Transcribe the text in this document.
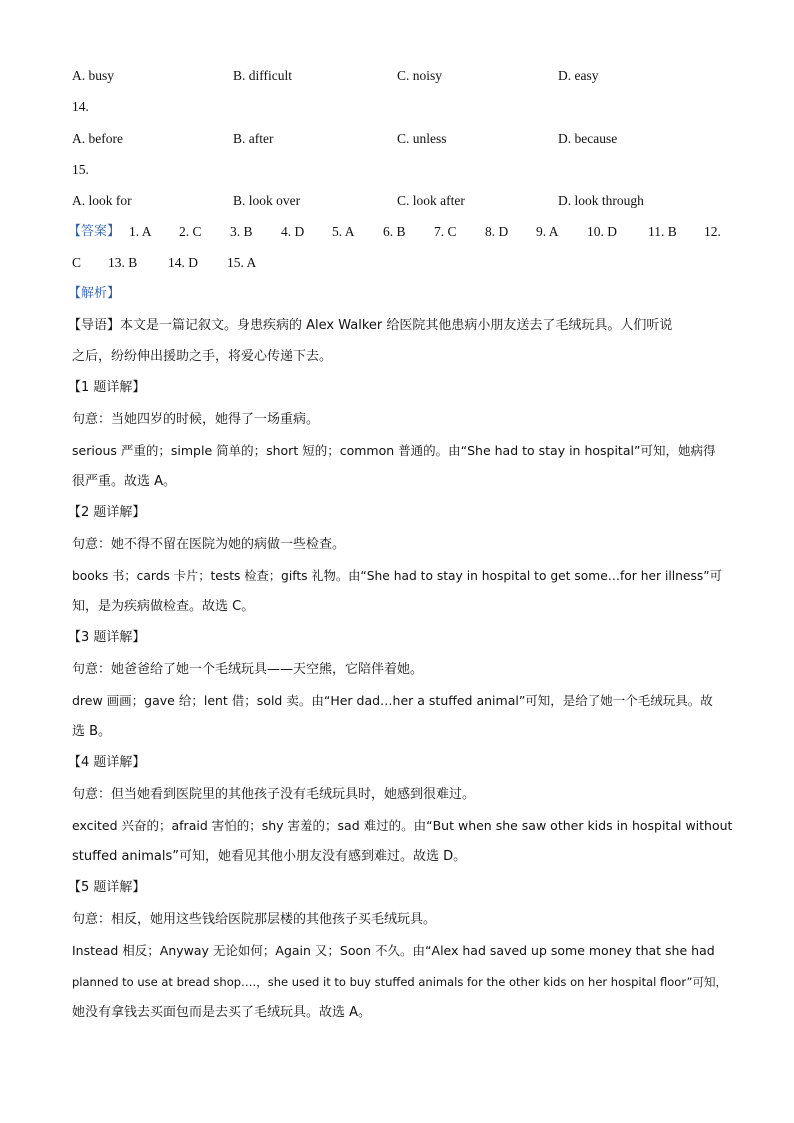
A. busy	B. difficult	C. noisy	D. easy
14.
A. before	B. after	C. unless	D. because
15.
A. look for	B. look over	C. look after	D. look through
【答案】 1. A 2. C 3. B 4. D 5. A 6. B 7. C 8. D 9. A 10. D 11. B 12.
C 13. B 14. D 15. A
【解析】
【导语】本文是一篇记叙文。身患疾病的 Alex Walker 给医院其他患病小朋友送去了毛绒玩具。人们听说
之后，纷纷伸出援助之手，将爱心传递下去。
【1 题详解】
句意：当她四岁的时候，她得了一场重病。
serious 严重的；simple 简单的；short 短的；common 普通的。由“She had to stay in hospital”可知，她病得
很严重。故选 A。
【2 题详解】
句意：她不得不留在医院为她的病做一些检查。
books 书；cards 卡片；tests 检查；gifts 礼物。由“She had to stay in hospital to get some…for her illness”可
知，是为疾病做检查。故选 C。
【3 题详解】
句意：她爸爸给了她一个毛绒玩具——天空熊，它陪伴着她。
drew 画画；gave 给；lent 借；sold 卖。由“Her dad…her a stuffed animal”可知，是给了她一个毛绒玩具。故
选 B。
【4 题详解】
句意：但当她看到医院里的其他孩子没有毛绒玩具时，她感到很难过。
excited 兴奋的；afraid 害怕的；shy 害羞的；sad 难过的。由“But when she saw other kids in hospital without
stuffed animals”可知，她看见其他小朋友没有感到难过。故选 D。
【5 题详解】
句意：相反，她用这些钱给医院那层楼的其他孩子买毛绒玩具。
Instead 相反；Anyway 无论如何；Again 又；Soon 不久。由“Alex had saved up some money that she had
planned to use at bread shop….，she used it to buy stuffed animals for the other kids on her hospital floor”可知，
她没有拿钱去买面包而是去买了毛绒玩具。故选 A。
